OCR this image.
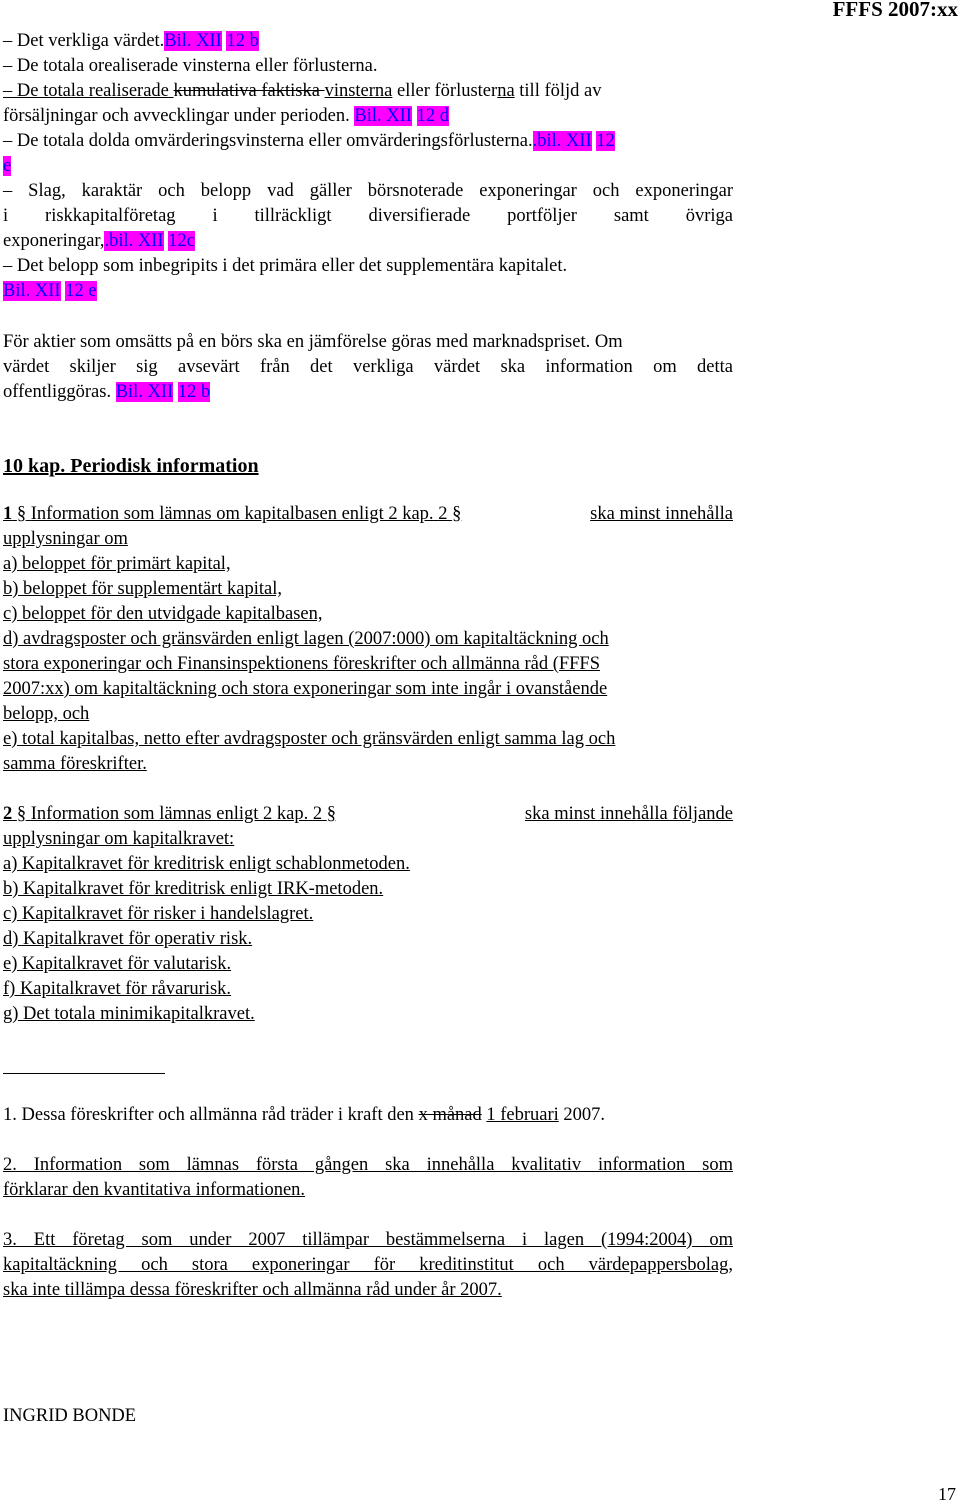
FFFS 2007:xx
– Det verkliga värdet.Bil. XII 12 b
– De totala orealiserade vinsterna eller förlusterna.
– De totala realiserade kumulativa faktiska vinsterna eller förlusterna till följd av
försäljningar och avvecklingar under perioden. Bil. XII 12 d
– De totala dolda omvärderingsvinsterna eller omvärderingsförlusterna..bil. XII 12
e
– Slag, karaktär och belopp vad gäller börsnoterade exponeringar och exponeringar
i riskkapitalföretag i tillräckligt diversifierade portföljer samt övriga
exponeringar,.bil. XII 12c
– Det belopp som inbegripits i det primära eller det supplementära kapitalet.
Bil. XII 12 e
För aktier som omsätts på en börs ska en jämförelse göras med marknadspriset. Om
värdet skiljer sig avsevärt från det verkliga värdet ska information om detta
offentliggöras. Bil. XII 12 b
10 kap. Periodisk information
1 § Information som lämnas om kapitalbasen enligt 2 kap. 2 §	ska minst innehålla
upplysningar om
a) beloppet för primärt kapital,
b) beloppet för supplementärt kapital,
c) beloppet för den utvidgade kapitalbasen,
d) avdragsposter och gränsvärden enligt lagen (2007:000) om kapitaltäckning och
stora exponeringar och Finansinspektionens föreskrifter och allmänna råd (FFFS
2007:xx) om kapitaltäckning och stora exponeringar som inte ingår i ovanstående
belopp, och
e) total kapitalbas, netto efter avdragsposter och gränsvärden enligt samma lag och
samma föreskrifter.
2 § Information som lämnas enligt 2 kap. 2 §	ska minst innehålla följande
upplysningar om kapitalkravet:
a) Kapitalkravet för kreditrisk enligt schablonmetoden.
b) Kapitalkravet för kreditrisk enligt IRK-metoden.
c) Kapitalkravet för risker i handelslagret.
d) Kapitalkravet för operativ risk.
e) Kapitalkravet för valutarisk.
f) Kapitalkravet för råvarurisk.
g) Det totala minimikapitalkravet.
1. Dessa föreskrifter och allmänna råd träder i kraft den x månad 1 februari 2007.
2. Information som lämnas första gången ska innehålla kvalitativ information som
förklarar den kvantitativa informationen.
3. Ett företag som under 2007 tillämpar bestämmelserna i lagen (1994:2004) om
kapitaltäckning och stora exponeringar för kreditinstitut och värdepappersbolag,
ska inte tillämpa dessa föreskrifter och allmänna råd under år 2007.
INGRID BONDE
17
